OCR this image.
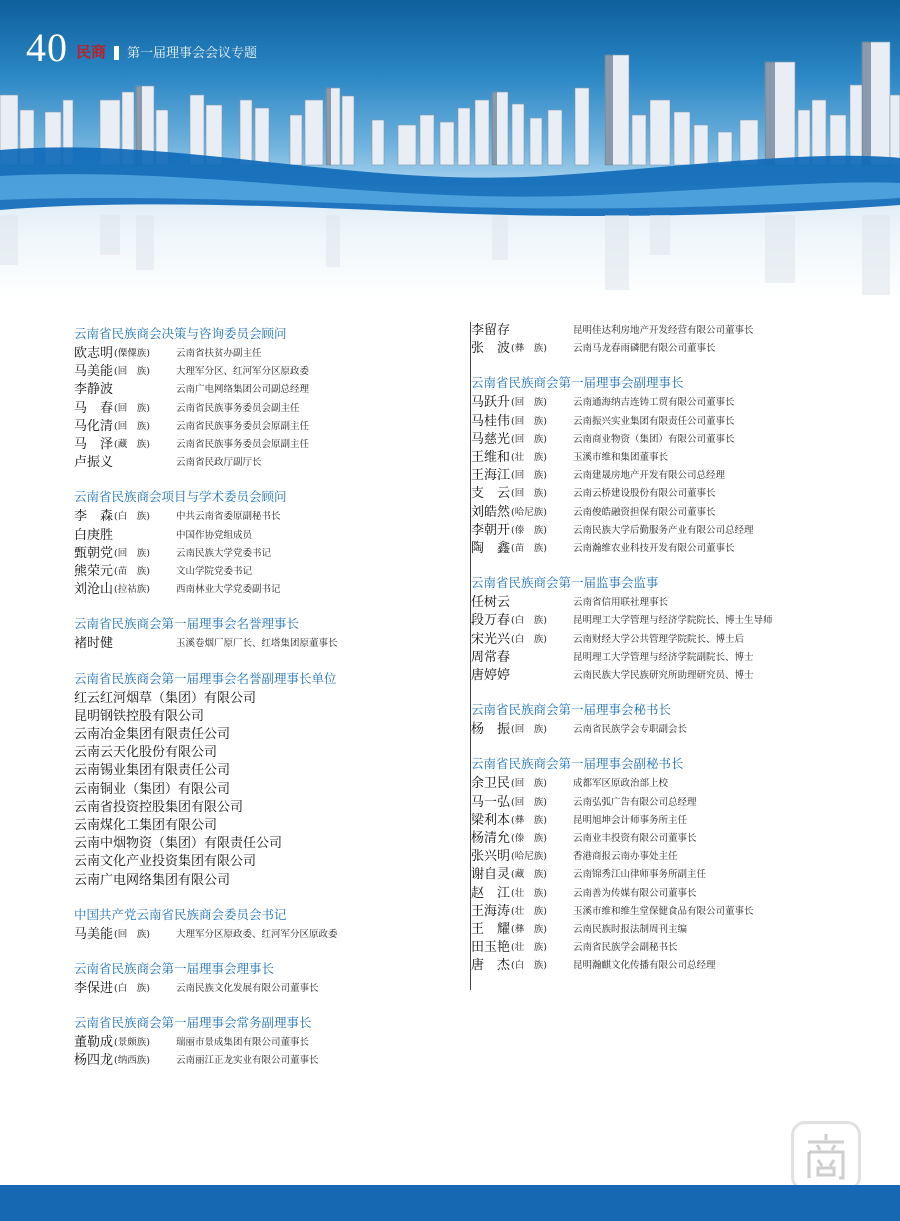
40 民商 第一届理事会会议专题
云南省民族商会决策与咨询委员会顾问
欧志明 (傈僳族)	云南省扶贫办副主任
马美能 (回　族)	大理军分区、红河军分区原政委
李静波	云南广电网络集团公司副总经理
马　春 (回　族)	云南省民族事务委员会副主任
马化清 (回　族)	云南省民族事务委员会原副主任
马　泽 (藏　族)	云南省民族事务委员会原副主任
卢振义	云南省民政厅副厅长
云南省民族商会项目与学术委员会顾问
李　森 (白　族)	中共云南省委原副秘书长
白庚胜	中国作协党组成员
甄朝党 (回　族)	云南民族大学党委书记
熊荣元 (苗　族)	文山学院党委书记
刘沧山 (拉祜族)	西南林业大学党委副书记
云南省民族商会第一届理事会名誉理事长
褚时健	玉溪卷烟厂原厂长、红塔集团原董事长
云南省民族商会第一届理事会名誉副理事长单位
红云红河烟草（集团）有限公司
昆明钢铁控股有限公司
云南冶金集团有限责任公司
云南云天化股份有限公司
云南锡业集团有限责任公司
云南铜业（集团）有限公司
云南省投资控股集团有限公司
云南煤化工集团有限公司
云南中烟物资（集团）有限责任公司
云南文化产业投资集团有限公司
云南广电网络集团有限公司
中国共产党云南省民族商会委员会书记
马美能 (回　族)	大理军分区原政委、红河军分区原政委
云南省民族商会第一届理事会理事长
李保进 (白　族)	云南民族文化发展有限公司董事长
云南省民族商会第一届理事会常务副理事长
董勒成 (景颇族)	瑞丽市景成集团有限公司董事长
杨四龙 (纳西族)	云南丽江正龙实业有限公司董事长
李留存	昆明佳达利房地产开发经营有限公司董事长
张　波 (彝　族)	云南马龙春雨磷肥有限公司董事长
云南省民族商会第一届理事会副理事长
马跃升 (回　族)	云南通海纳吉连铸工贸有限公司董事长
马桂伟 (回　族)	云南振兴实业集团有限责任公司董事长
马慈光 (回　族)	云南商业物资（集团）有限公司董事长
王维和 (壮　族)	玉溪市维和集团董事长
王海江 (回　族)	云南建晟房地产开发有限公司总经理
支　云 (回　族)	云南云桥建设股份有限公司董事长
刘皓然 (哈尼族)	云南俊皓融资担保有限公司董事长
李朝开 (傣　族)	云南民族大学后勤服务产业有限公司总经理
陶　鑫 (苗　族)	云南瀚维农业科技开发有限公司董事长
云南省民族商会第一届监事会监事
任树云	云南省信用联社理事长
段万春 (白　族)	昆明理工大学管理与经济学院院长、博士生导师
宋光兴 (白　族)	云南财经大学公共管理学院院长、博士后
周常春	昆明理工大学管理与经济学院副院长、博士
唐婷婷	云南民族大学民族研究所助理研究员、博士
云南省民族商会第一届理事会秘书长
杨　振 (回　族)	云南省民族学会专职副会长
云南省民族商会第一届理事会副秘书长
余卫民 (回　族)	成都军区原政治部上校
马一弘 (回　族)	云南弘弧广告有限公司总经理
梁利本 (彝　族)	昆明旭坤会计师事务所主任
杨清允 (傣　族)	云南业丰投资有限公司董事长
张兴明 (哈尼族)	香港商报云南办事处主任
谢自灵 (藏　族)	云南锦秀江山律师事务所副主任
赵　江 (壮　族)	云南善为传媒有限公司董事长
王海涛 (壮　族)	玉溪市维和维生堂保健食品有限公司董事长
王　耀 (彝　族)	云南民族时报法制周刊主编
田玉艳 (壮　族)	云南省民族学会副秘书长
唐　杰 (白　族)	昆明瀚麒文化传播有限公司总经理
